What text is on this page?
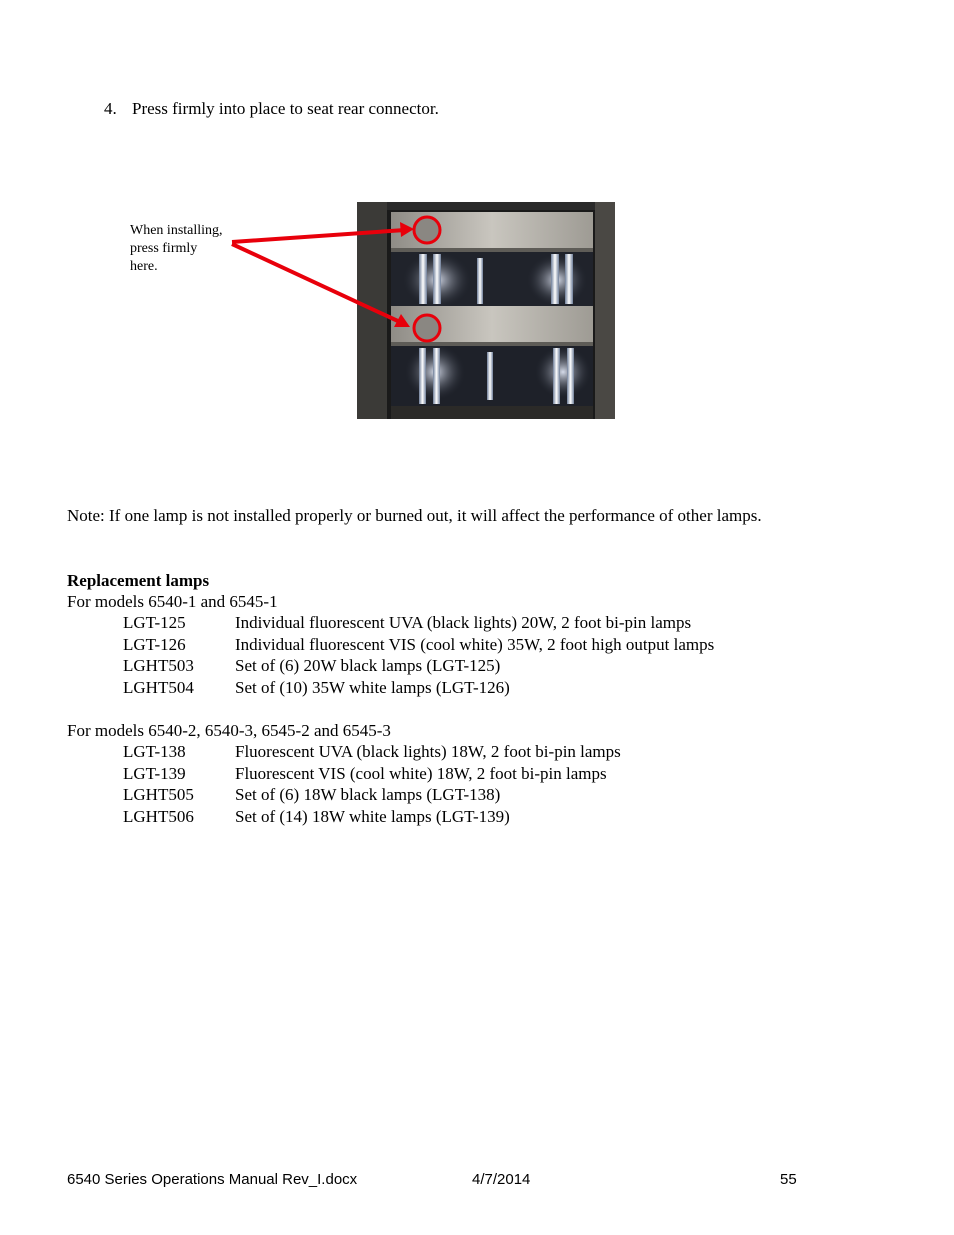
4. Press firmly into place to seat rear connector.
When installing,
press firmly
here.
Note: If one lamp is not installed properly or burned out, it will affect the performance of other lamps.
Replacement lamps
For models 6540-1 and 6545-1
LGT-125	Individual fluorescent UVA (black lights) 20W, 2 foot bi-pin lamps
LGT-126	Individual fluorescent VIS (cool white) 35W, 2 foot high output lamps
LGHT503 Set of (6) 20W black lamps (LGT-125)
LGHT504 Set of (10) 35W white lamps (LGT-126)
For models 6540-2, 6540-3, 6545-2 and 6545-3
LGT-138	Fluorescent UVA (black lights) 18W, 2 foot bi-pin lamps
LGT-139	Fluorescent VIS (cool white) 18W, 2 foot bi-pin lamps
LGHT505 Set of (6) 18W black lamps (LGT-138)
LGHT506 Set of (14) 18W white lamps (LGT-139)
6540 Series Operations Manual Rev_I.docx	4/7/2014	55
